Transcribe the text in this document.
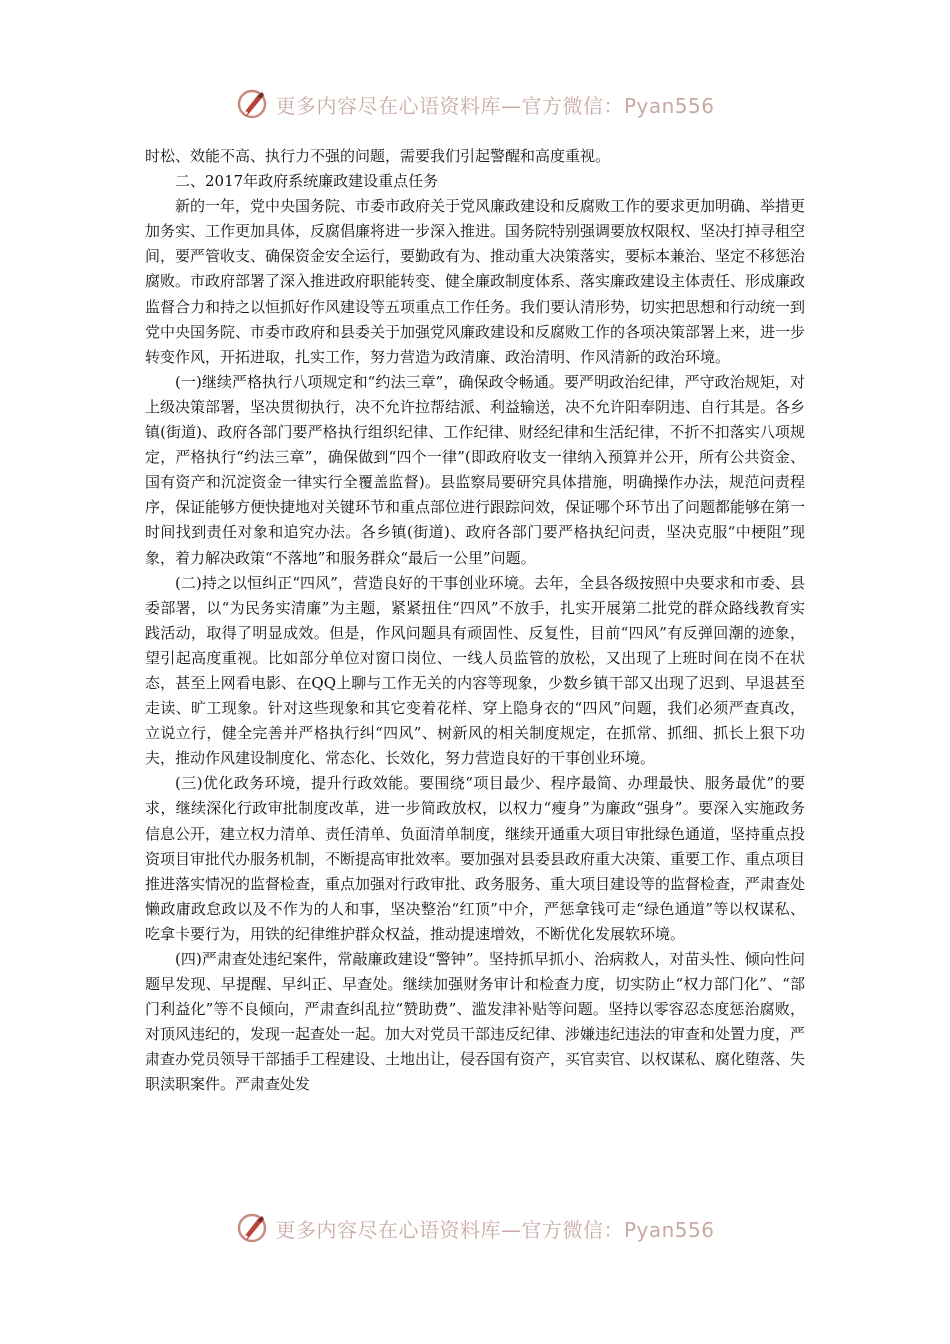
更多内容尽在心语资料库—官方微信：Pyan556

时松、效能不高、执行力不强的问题，需要我们引起警醒和高度重视。

二、2017年政府系统廉政建设重点任务

新的一年，党中央国务院、市委市政府关于党风廉政建设和反腐败工作的要求更加明确、举措更加务实、工作更加具体，反腐倡廉将进一步深入推进。国务院特别强调要放权限权、坚决打掉寻租空间，要严管收支、确保资金安全运行，要勤政有为、推动重大决策落实，要标本兼治、坚定不移惩治腐败。市政府部署了深入推进政府职能转变、健全廉政制度体系、落实廉政建设主体责任、形成廉政监督合力和持之以恒抓好作风建设等五项重点工作任务。我们要认清形势，切实把思想和行动统一到党中央国务院、市委市政府和县委关于加强党风廉政建设和反腐败工作的各项决策部署上来，进一步转变作风，开拓进取，扎实工作，努力营造为政清廉、政治清明、作风清新的政治环境。

(一)继续严格执行八项规定和“约法三章”，确保政令畅通。要严明政治纪律，严守政治规矩，对上级决策部署，坚决贯彻执行，决不允许拉帮结派、利益输送，决不允许阳奉阴违、自行其是。各乡镇(街道)、政府各部门要严格执行组织纪律、工作纪律、财经纪律和生活纪律，不折不扣落实八项规定，严格执行“约法三章”，确保做到“四个一律”(即政府收支一律纳入预算并公开，所有公共资金、国有资产和沉淀资金一律实行全覆盖监督)。县监察局要研究具体措施，明确操作办法，规范问责程序，保证能够方便快捷地对关键环节和重点部位进行跟踪问效，保证哪个环节出了问题都能够在第一时间找到责任对象和追究办法。各乡镇(街道)、政府各部门要严格执纪问责，坚决克服“中梗阻”现象，着力解决政策“不落地”和服务群众“最后一公里”问题。

(二)持之以恒纠正“四风”，营造良好的干事创业环境。去年，全县各级按照中央要求和市委、县委部署，以“为民务实清廉”为主题，紧紧扭住“四风”不放手，扎实开展第二批党的群众路线教育实践活动，取得了明显成效。但是，作风问题具有顽固性、反复性，目前“四风”有反弹回潮的迹象，望引起高度重视。比如部分单位对窗口岗位、一线人员监管的放松，又出现了上班时间在岗不在状态，甚至上网看电影、在QQ上聊与工作无关的内容等现象，少数乡镇干部又出现了迟到、早退甚至走读、旷工现象。针对这些现象和其它变着花样、穿上隐身衣的“四风”问题，我们必须严查真改，立说立行，健全完善并严格执行纠“四风”、树新风的相关制度规定，在抓常、抓细、抓长上狠下功夫，推动作风建设制度化、常态化、长效化，努力营造良好的干事创业环境。

(三)优化政务环境，提升行政效能。要围绕“项目最少、程序最简、办理最快、服务最优”的要求，继续深化行政审批制度改革，进一步简政放权，以权力“瘦身”为廉政“强身”。要深入实施政务信息公开，建立权力清单、责任清单、负面清单制度，继续开通重大项目审批绿色通道，坚持重点投资项目审批代办服务机制，不断提高审批效率。要加强对县委县政府重大决策、重要工作、重点项目推进落实情况的监督检查，重点加强对行政审批、政务服务、重大项目建设等的监督检查，严肃查处懒政庸政怠政以及不作为的人和事，坚决整治“红顶”中介，严惩拿钱可走“绿色通道”等以权谋私、吃拿卡要行为，用铁的纪律维护群众权益，推动提速增效，不断优化发展软环境。

(四)严肃查处违纪案件，常敲廉政建设“警钟”。坚持抓早抓小、治病救人，对苗头性、倾向性问题早发现、早提醒、早纠正、早查处。继续加强财务审计和检查力度，切实防止“权力部门化”、“部门利益化”等不良倾向，严肃查纠乱拉“赞助费”、滥发津补贴等问题。坚持以零容忍态度惩治腐败，对顶风违纪的，发现一起查处一起。加大对党员干部违反纪律、涉嫌违纪违法的审查和处置力度，严肃查办党员领导干部插手工程建设、土地出让，侵吞国有资产，买官卖官、以权谋私、腐化堕落、失职渎职案件。严肃查处发

更多内容尽在心语资料库—官方微信：Pyan556
